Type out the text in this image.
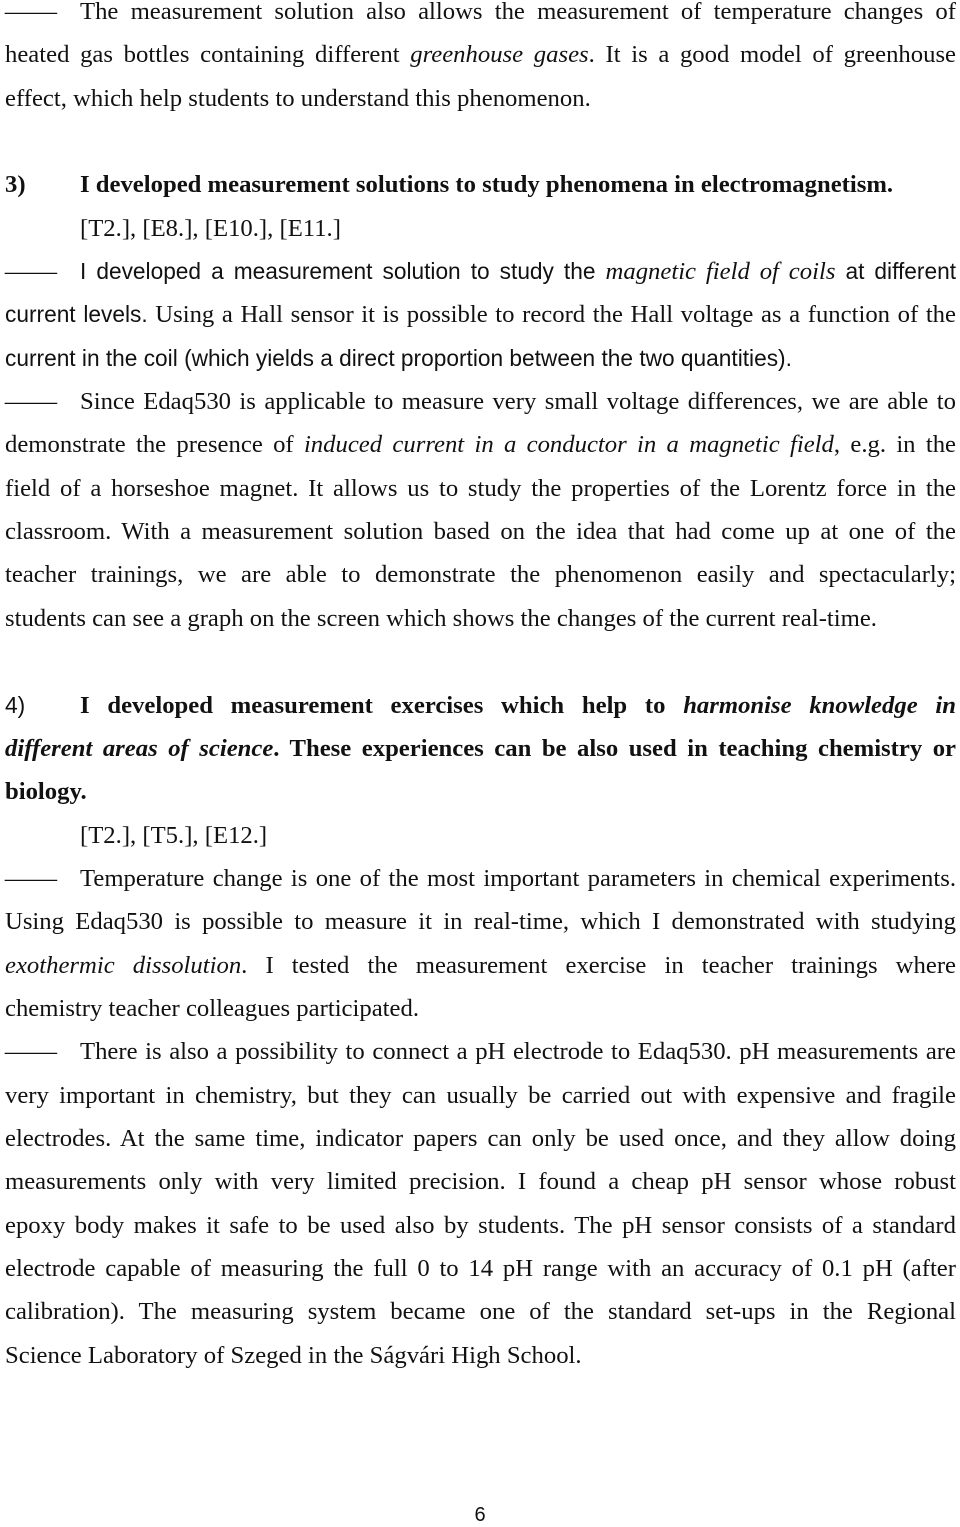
— The measurement solution also allows the measurement of temperature changes of
heated gas bottles containing different greenhouse gases. It is a good model of greenhouse
effect, which help students to understand this phenomenon.
3) I developed measurement solutions to study phenomena in electromagnetism.
[T2.], [E8.], [E10.], [E11.]
— I developed a measurement solution to study the magnetic field of coils at different
current levels. Using a Hall sensor it is possible to record the Hall voltage as a function of the
current in the coil (which yields a direct proportion between the two quantities).
— Since Edaq530 is applicable to measure very small voltage differences, we are able to
demonstrate the presence of induced current in a conductor in a magnetic field, e.g. in the
field of a horseshoe magnet. It allows us to study the properties of the Lorentz force in the
classroom. With a measurement solution based on the idea that had come up at one of the
teacher trainings, we are able to demonstrate the phenomenon easily and spectacularly;
students can see a graph on the screen which shows the changes of the current real-time.
4) I developed measurement exercises which help to harmonise knowledge in
different areas of science. These experiences can be also used in teaching chemistry or
biology.
[T2.], [T5.], [E12.]
— Temperature change is one of the most important parameters in chemical experiments.
Using Edaq530 is possible to measure it in real-time, which I demonstrated with studying
exothermic dissolution. I tested the measurement exercise in teacher trainings where
chemistry teacher colleagues participated.
— There is also a possibility to connect a pH electrode to Edaq530. pH measurements are
very important in chemistry, but they can usually be carried out with expensive and fragile
electrodes. At the same time, indicator papers can only be used once, and they allow doing
measurements only with very limited precision. I found a cheap pH sensor whose robust
epoxy body makes it safe to be used also by students. The pH sensor consists of a standard
electrode capable of measuring the full 0 to 14 pH range with an accuracy of 0.1 pH (after
calibration). The measuring system became one of the standard set-ups in the Regional
Science Laboratory of Szeged in the Ságvári High School.
6
